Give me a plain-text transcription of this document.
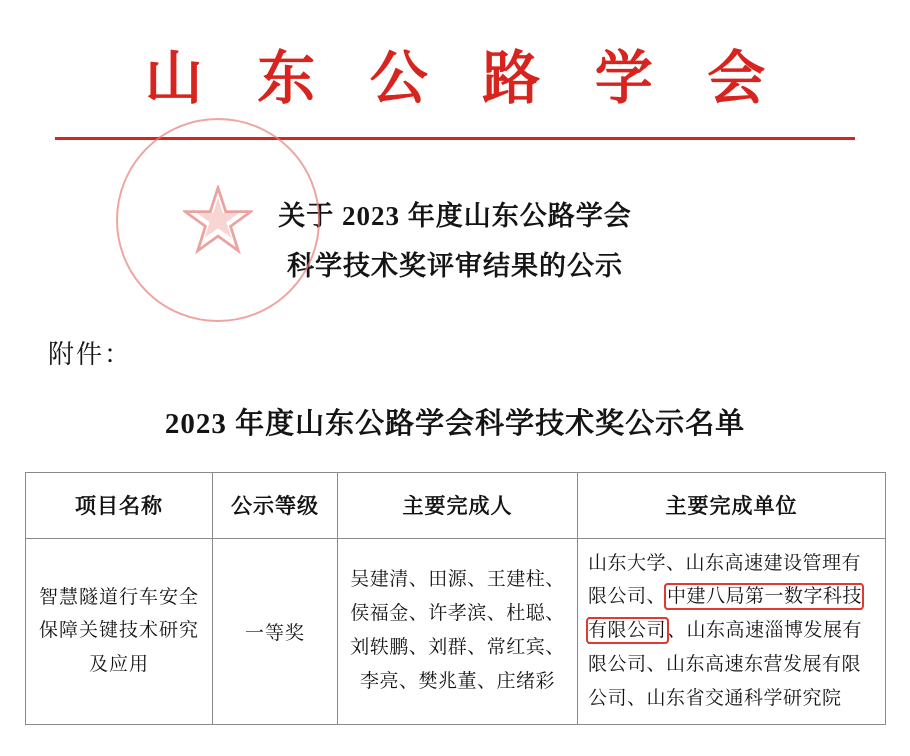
山 东 公 路 学 会
关于 2023 年度山东公路学会
科学技术奖评审结果的公示
附件：
2023 年度山东公路学会科学技术奖公示名单
项目名称	公示等级	主要完成人	主要完成单位
智慧隧道行车安全保障关键技术研究及应用	一等奖	吴建清、田源、王建柱、
侯福金、许孝滨、杜聪、
刘轶鹏、刘群、常红宾、
李亮、樊兆董、庄绪彩	山东大学、山东高速建设管理有限公司、中建八局第一数字科技有限公司、山东高速淄博发展有限公司、山东高速东营发展有限公司、山东省交通科学研究院
